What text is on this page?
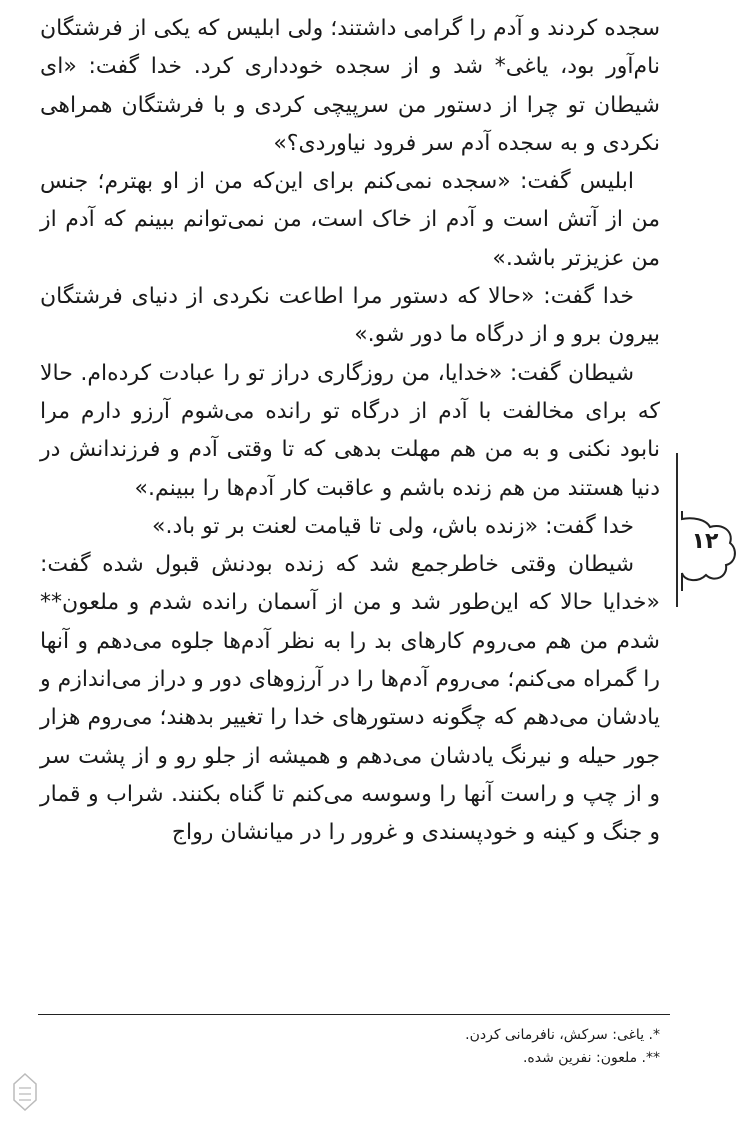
سجده کردند و آدم را گرامی داشتند؛ ولی ابلیس که یکی از فرشتگان نام‌آور بود، یاغی* شد و از سجده خودداری کرد. خدا گفت: «ای شیطان تو چرا از دستور من سرپیچی کردی و با فرشتگان همراهی نکردی و به سجده آدم سر فرود نیاوردی؟»

ابلیس گفت: «سجده نمی‌کنم برای این‌که من از او بهترم؛ جنس من از آتش است و آدم از خاک است، من نمی‌توانم ببینم که آدم از من عزیزتر باشد.»

خدا گفت: «حالا که دستور مرا اطاعت نکردی از دنیای فرشتگان بیرون برو و از درگاه ما دور شو.»

شیطان گفت: «خدایا، من روزگاری دراز تو را عبادت کرده‌ام. حالا که برای مخالفت با آدم از درگاه تو رانده می‌شوم آرزو دارم مرا نابود نکنی و به من هم مهلت بدهی که تا وقتی آدم و فرزندانش در دنیا هستند من هم زنده باشم و عاقبت کار آدم‌ها را ببینم.»

خدا گفت: «زنده باش، ولی تا قیامت لعنت بر تو باد.»

شیطان وقتی خاطرجمع شد که زنده بودنش قبول شده گفت: «خدایا حالا که این‌طور شد و من از آسمان رانده شدم و ملعون** شدم من هم می‌روم کارهای بد را به نظر آدم‌ها جلوه می‌دهم و آنها را گمراه می‌کنم؛ می‌روم آدم‌ها را در آرزوهای دور و دراز می‌اندازم و یادشان می‌دهم که چگونه دستورهای خدا را تغییر بدهند؛ می‌روم هزار جور حیله و نیرنگ یادشان می‌دهم و همیشه از جلو رو و از پشت سر و از چپ و راست آنها را وسوسه می‌کنم تا گناه بکنند. شراب و قمار و جنگ و کینه و خودپسندی و غرور را در میانشان رواج

۱۲

*. یاغی: سرکش، نافرمانی کردن.

**. ملعون: نفرین شده.
